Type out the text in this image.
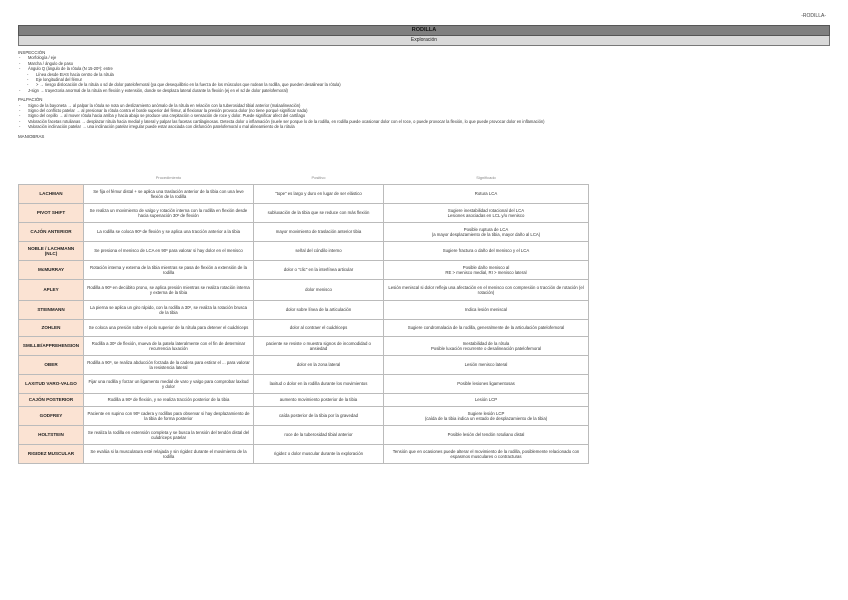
-RODILLA-
RODILLA
Exploración
INSPECCIÓN
- Morfología / eje
- Marcha / ángulo de paso
- Ángulo Q (ángulo de la rótula (N 15-20º): entre
- Línea desde EIAS hacia centro de la rótula
- Eje longitudinal del fémur
- > → riesgo dislocación de la rótula o sd de dolor patelofemoral (ya que desequilibrio en la fuerza de los músculos que rodean la rodilla, que pueden desalinear la rótula)
- J-sign → trayectoria anormal de la rótula en flexión y extensión, donde se desplaza lateral durante la flexión (ej en el sd de dolor patelofemoral)
PALPACIÓN
- Signo de la bayoneta → al palpar la rótula se nota un deslizamiento anómalo de la rótula en relación con la tuberosidad tibial anterior (malaalineación)
- Signo del conflicto patelar → al presionar la rótula contra el borde superior del fémur, al flexionar la presión provoca dolor (no tiene porqué significar nada)
- Signo del cepillo → al mover rótula hacia arriba y hacia abajo se produce una crepitación o sensación de roce y dolor. Puede significar afect del cartílago
- Valoración facetas rotulianas → desplazar rótula hacia medial y lateral y palpar las facetas cartilaginosas. Detecta dolor o inflamación (suele ser porque lo de la rodilla, en rodilla puede ocasionar dolor con el roce, o puede provocar la flexión, lo que puede provocar dolor en inflamación)
- Valoración inclinación patelar → una inclinación patelar irregular puede estar asociada con disfunción patelofemoral o mal alineamiento de la rótula
MANIOBRAS
	Procedimiento	Positivo	Significado
LACHMAN	Se fija el fémur distal + se aplica una traslación anterior de la tibia con una leve flexión de la rodilla	"tope" es largo y duro en lugar de ser elástico	Rotura LCA
PIVOT SHIFT	Se realiza un movimiento de valgo y rotación interna con la rodilla en flexión desde hacia supenación 30º de flexión	subluxación de la tibia que se reduce con más flexión	Sugiere inestabilidad rotacional del LCA
Lesiones asociadas en LCL y/o menisco
CAJÓN ANTERIOR	La rodilla se coloca 90º de flexión y se aplica una tracción anterior a la tibia	mayor movimiento de traslación anterior tibia	Posible ruptura de LCA
(a mayor desplazamiento de la tibia, mayor daño al LCA)
NOBLE / LACHMANN (NLC)	Se presiona el menisco de LCA en 90º para valorar si hay dolor en el menisco	señal del cóndilo interno	Sugiere fractura o daño del menisco y el LCA
McMURRAY	Rotación interna y externa de la tibia mientras se pasa de flexión a extensión de la rodilla	dolor o "clic" en la interlínea articular	Posible daño menisco al
RE > menisco medial, RI > menisco lateral
APLEY	Rodilla a 90º en decúbito prono, se aplica presión mientras se realiza rotación interna y externa de la tibia	dolor menisco	Lesión meniscal si dolor refleja una afectación en el menisco con compresión o tracción de rotación (el rotación)
STEINMANN	La pierna se aplica un giro rápido, con la rodilla a 30º, se realiza la rotación brusca de la tibia	dolor sobre línea de la articulación	Indica lesión meniscal
ZOHLEN	Se coloca una presión sobre el polo superior de la rótula para detener el cuádriceps	dolor al contraer el cuádriceps	Sugiere condromalacia de la rodilla, generalmente de la articulación patelofemoral
SMILLIE/APPREHENSION	Rodilla a 30º de flexión, mueva de la patela lateralmente con el fin de determinar recurrencia luxación	paciente se resiste o muestra signos de incomodidad o ansiedad	Inestabilidad de la rótula
Posible luxación recurrente o desalineación patelofemoral
OBER	Rodilla a 90º, se realiza abducción forzada de la cadera para estirar el ... para valorar la resistencia lateral	dolor en la zona lateral	Lesión menisco lateral
LAXITUD VARO-VALGO	Fijar una rodilla y forzar un ligamento medial de varo y valgo para comprobar laxitud y dolor	laxitud o dolor en la rodilla durante los movimientos	Posible lesiones ligamentosas
CAJÓN POSTERIOR	Rodilla a 90º de flexión, y se realiza tracción posterior de la tibia	aumento movimiento posterior de la tibia	Lesión LCP
GODFREY	Paciente en supino con 90º cadera y rodillas para observar si hay desplazamiento de la tibia de forma posterior	caída posterior de la tibia por la gravedad	Sugiere lesión LCP
(caída de la tibia indica un estado de desplazamiento de la tibia)
HOLTSTEIN	Se realiza la rodilla en extensión completa y se busca la tensión del tendón distal del cuádriceps patelar	roce de la tuberosidad tibial anterior	Posible lesión del tendón rotuliano distal
RIGIDEZ MUSCULAR	Se evalúa si la musculatura esté relajada y sin rigidez durante el movimiento de la rodilla	rigidez o dolor muscular durante la exploración	Tensión que en ocasiones puede alterar el movimiento de la rodilla, posiblemente relacionado con espasmos musculares o contracturas
